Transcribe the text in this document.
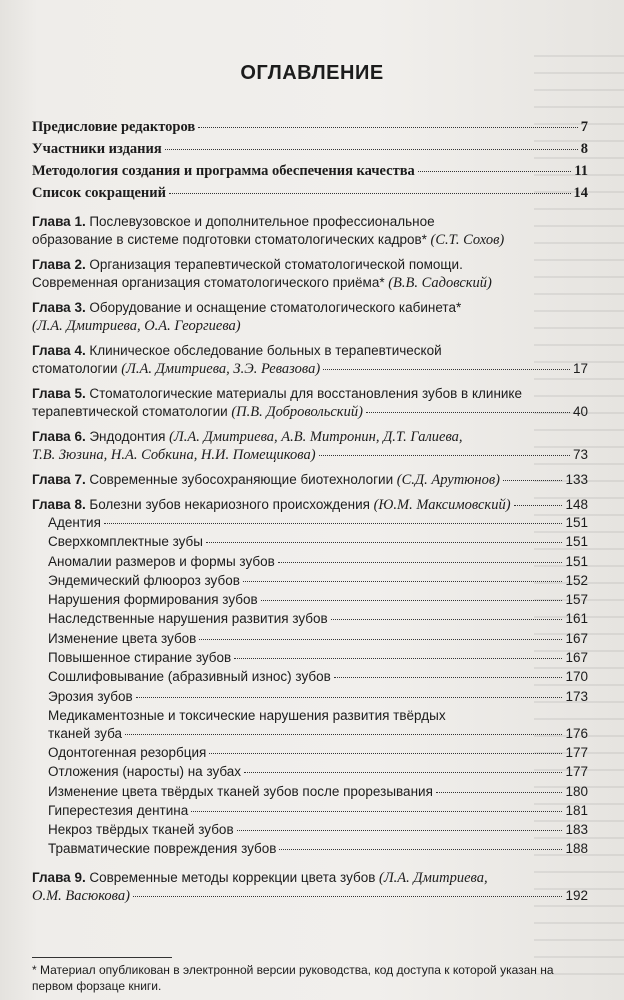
ОГЛАВЛЕНИЕ
Предисловие редакторов	7
Участники издания	8
Методология создания и программа обеспечения качества	11
Список сокращений	14
Глава 1. Послевузовское и дополнительное профессиональное
образование в системе подготовки стоматологических кадров* (С.Т. Сохов)
Глава 2. Организация терапевтической стоматологической помощи.
Современная организация стоматологического приёма* (В.В. Садовский)
Глава 3. Оборудование и оснащение стоматологического кабинета*
(Л.А. Дмитриева, О.А. Георгиева)
Глава 4. Клиническое обследование больных в терапевтической
стоматологии (Л.А. Дмитриева, З.Э. Ревазова)	17
Глава 5. Стоматологические материалы для восстановления зубов в клинике
терапевтической стоматологии (П.В. Добровольский)	40
Глава 6. Эндодонтия (Л.А. Дмитриева, А.В. Митронин, Д.Т. Галиева,
Т.В. Зюзина, Н.А. Собкина, Н.И. Помещикова)	73
Глава 7. Современные зубосохраняющие биотехнологии (С.Д. Арутюнов)	133
Глава 8. Болезни зубов некариозного происхождения (Ю.М. Максимовский)	148
Адентия	151
Сверхкомплектные зубы	151
Аномалии размеров и формы зубов	151
Эндемический флюороз зубов	152
Нарушения формирования зубов	157
Наследственные нарушения развития зубов	161
Изменение цвета зубов	167
Повышенное стирание зубов	167
Сошлифовывание (абразивный износ) зубов	170
Эрозия зубов	173
Медикаментозные и токсические нарушения развития твёрдых
тканей зуба	176
Одонтогенная резорбция	177
Отложения (наросты) на зубах	177
Изменение цвета твёрдых тканей зубов после прорезывания	180
Гиперестезия дентина	181
Некроз твёрдых тканей зубов	183
Травматические повреждения зубов	188
Глава 9. Современные методы коррекции цвета зубов (Л.А. Дмитриева,
О.М. Васюкова)	192
* Материал опубликован в электронной версии руководства, код доступа к которой указан на первом форзаце книги.
